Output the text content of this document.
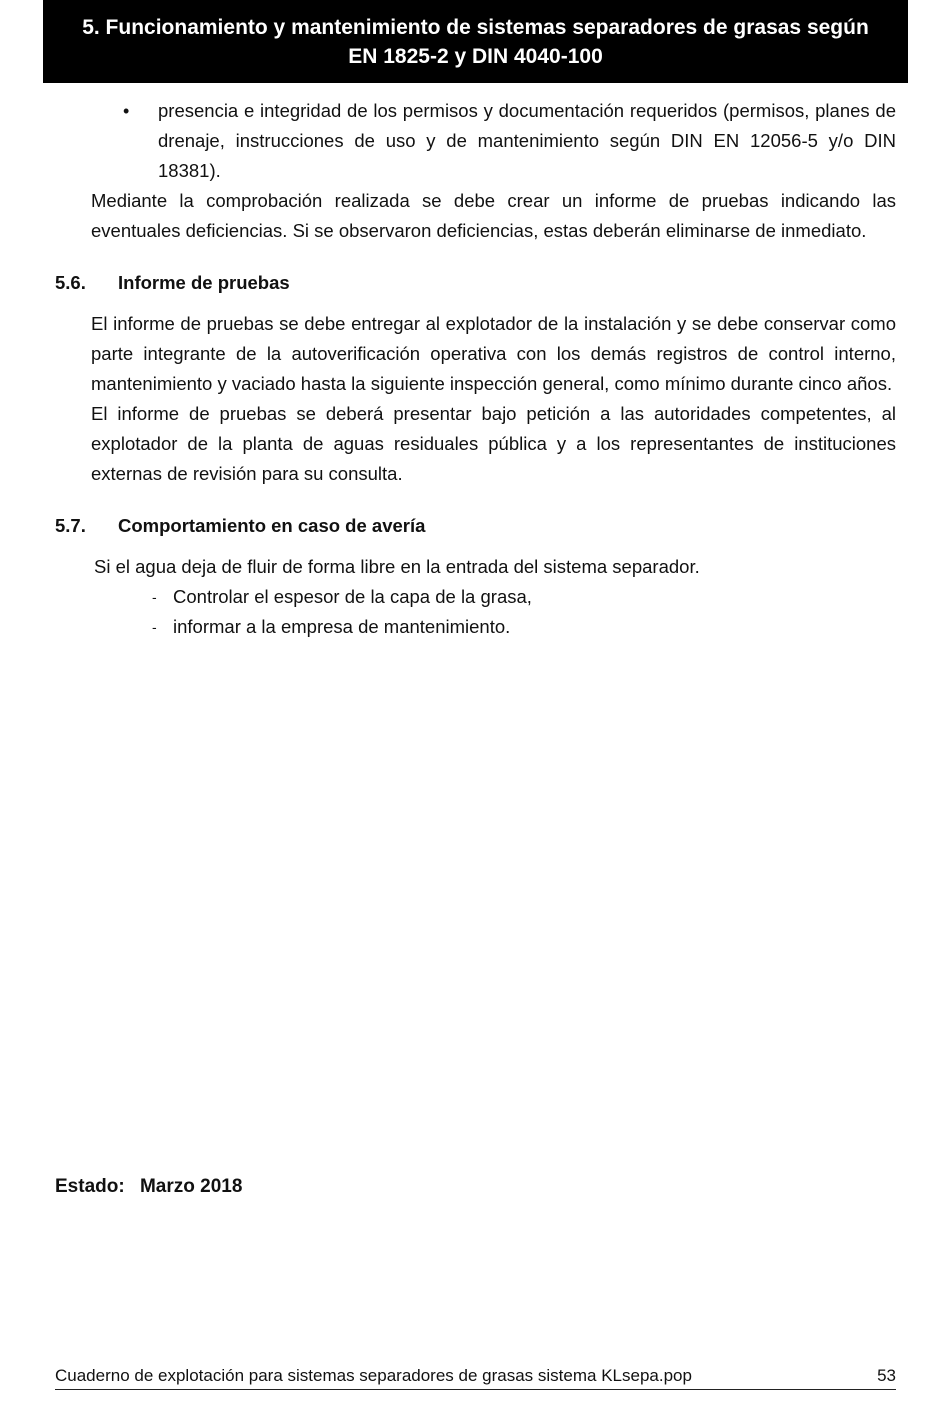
5. Funcionamiento y mantenimiento de sistemas separadores de grasas según
EN 1825-2 y DIN 4040-100
• presencia e integridad de los permisos y documentación requeridos (permisos, planes de drenaje, instrucciones de uso y de mantenimiento según DIN EN 12056-5 y/o DIN 18381).
Mediante la comprobación realizada se debe crear un informe de pruebas indicando las eventuales deficiencias. Si se observaron deficiencias, estas deberán eliminarse de inmediato.
5.6.	Informe de pruebas
El informe de pruebas se debe entregar al explotador de la instalación y se debe conservar como parte integrante de la autoverificación operativa con los demás registros de control interno, mantenimiento y vaciado hasta la siguiente inspección general, como mínimo durante cinco años.
El informe de pruebas se deberá presentar bajo petición a las autoridades competentes, al explotador de la planta de aguas residuales pública y a los representantes de instituciones externas de revisión para su consulta.
5.7.	Comportamiento en caso de avería
Si el agua deja de fluir de forma libre en la entrada del sistema separador.
- Controlar el espesor de la capa de la grasa,
- informar a la empresa de mantenimiento.
Estado: Marzo 2018
Cuaderno de explotación para sistemas separadores de grasas sistema KLsepa.pop	53
